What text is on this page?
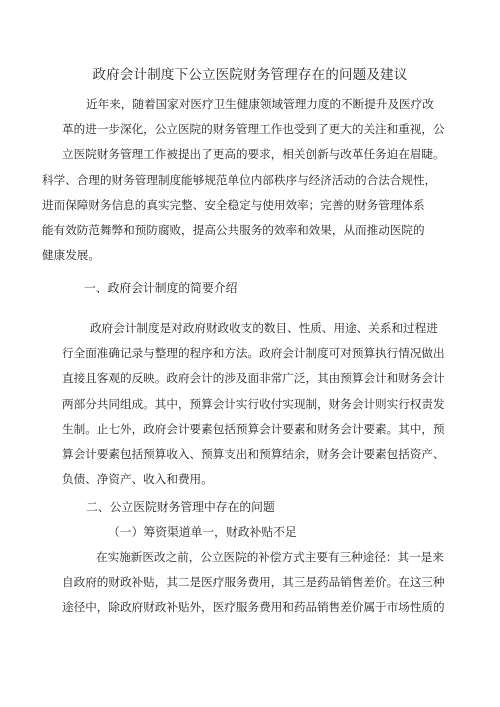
政府会计制度下公立医院财务管理存在的问题及建议
近年来，随着国家对医疗卫生健康领域管理力度的不断提升及医疗改
革的进一步深化，公立医院的财务管理工作也受到了更大的关注和重视，公
立医院财务管理工作被提出了更高的要求，相关创新与改革任务迫在眉睫。
科学、合理的财务管理制度能够规范单位内部秩序与经济活动的合法合规性，
进而保障财务信息的真实完整、安全稳定与使用效率；完善的财务管理体系
能有效防范舞弊和预防腐败，提高公共服务的效率和效果，从而推动医院的
健康发展。
一、政府会计制度的简要介绍
政府会计制度是对政府财政收支的数目、性质、用途、关系和过程进
行全面准确记录与整理的程序和方法。政府会计制度可对预算执行情况做出
直接且客观的反映。政府会计的涉及面非常广泛，其由预算会计和财务会计
两部分共同组成。其中，预算会计实行收付实现制，财务会计则实行权责发
生制。止七外，政府会计要素包括预算会计要素和财务会计要素。其中，预
算会计要素包括预算收入、预算支出和预算结余，财务会计要素包括资产、
负债、净资产、收入和费用。
二、公立医院财务管理中存在的问题
（一）筹资渠道单一，财政补贴不足
在实施新医改之前，公立医院的补偿方式主要有三种途径：其一是来
自政府的财政补贴，其二是医疗服务费用，其三是药品销售差价。在这三种
途径中，除政府财政补贴外，医疗服务费用和药品销售差价属于市场性质的
